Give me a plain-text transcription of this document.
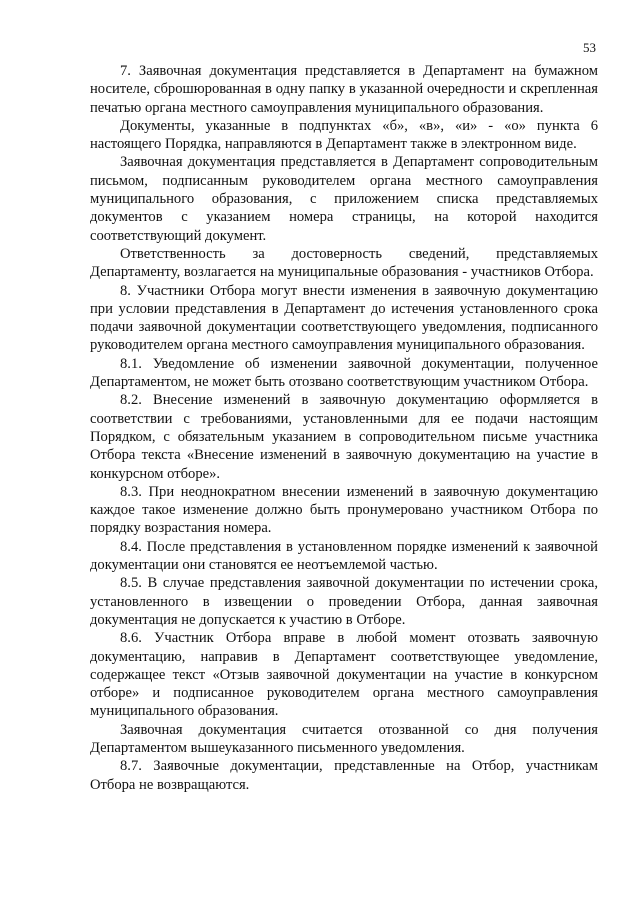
53

7. Заявочная документация представляется в Департамент на бумажном носителе, сброшюрованная в одну папку в указанной очередности и скрепленная печатью органа местного самоуправления муниципального образования.

Документы, указанные в подпунктах «б», «в», «и» - «о» пункта 6 настоящего Порядка, направляются в Департамент также в электронном виде.

Заявочная документация представляется в Департамент сопроводительным письмом, подписанным руководителем органа местного самоуправления муниципального образования, с приложением списка представляемых документов с указанием номера страницы, на которой находится соответствующий документ.

Ответственность за достоверность сведений, представляемых Департаменту, возлагается на муниципальные образования - участников Отбора.

8. Участники Отбора могут внести изменения в заявочную документацию при условии представления в Департамент до истечения установленного срока подачи заявочной документации соответствующего уведомления, подписанного руководителем органа местного самоуправления муниципального образования.

8.1. Уведомление об изменении заявочной документации, полученное Департаментом, не может быть отозвано соответствующим участником Отбора.

8.2. Внесение изменений в заявочную документацию оформляется в соответствии с требованиями, установленными для ее подачи настоящим Порядком, с обязательным указанием в сопроводительном письме участника Отбора текста «Внесение изменений в заявочную документацию на участие в конкурсном отборе».

8.3. При неоднократном внесении изменений в заявочную документацию каждое такое изменение должно быть пронумеровано участником Отбора по порядку возрастания номера.

8.4. После представления в установленном порядке изменений к заявочной документации они становятся ее неотъемлемой частью.

8.5. В случае представления заявочной документации по истечении срока, установленного в извещении о проведении Отбора, данная заявочная документация не допускается к участию в Отборе.

8.6. Участник Отбора вправе в любой момент отозвать заявочную документацию, направив в Департамент соответствующее уведомление, содержащее текст «Отзыв заявочной документации на участие в конкурсном отборе» и подписанное руководителем органа местного самоуправления муниципального образования.

Заявочная документация считается отозванной со дня получения Департаментом вышеуказанного письменного уведомления.

8.7. Заявочные документации, представленные на Отбор, участникам Отбора не возвращаются.
